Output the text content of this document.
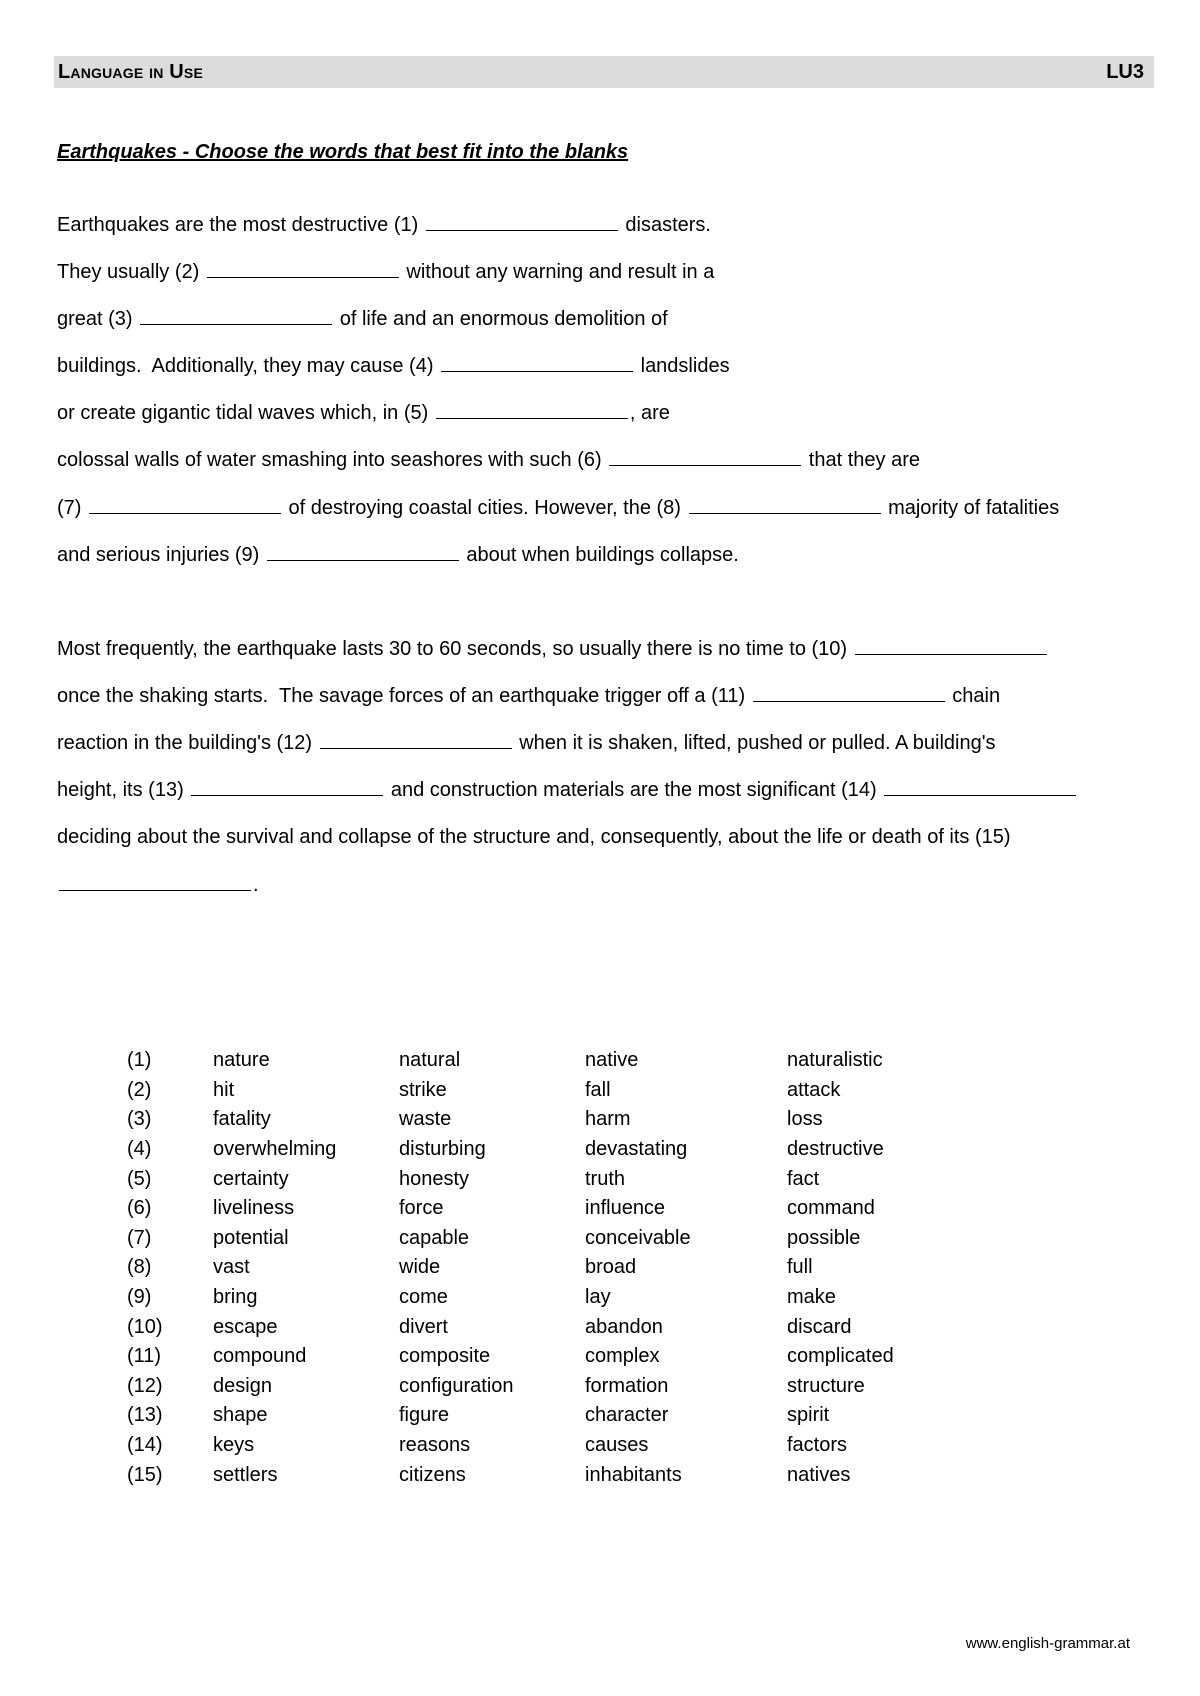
Language in Use	LU3
Earthquakes - Choose the words that best fit into the blanks
Earthquakes are the most destructive (1)	disasters.
They usually (2)	without any warning and result in a
great (3)	of life and an enormous demolition of
buildings.  Additionally, they may cause (4)	landslides
or create gigantic tidal waves which, in (5)	, are
colossal walls of water smashing into seashores with such (6)	that they are
(7)	of destroying coastal cities. However, the (8)	majority of fatalities
and serious injuries (9)	about when buildings collapse.
Most frequently, the earthquake lasts 30 to 60 seconds, so usually there is no time to (10)
once the shaking starts.  The savage forces of an earthquake trigger off a (11)	chain
reaction in the building's (12)	when it is shaken, lifted, pushed or pulled. A building's
height, its (13)	and construction materials are the most significant (14)
deciding about the survival and collapse of the structure and, consequently, about the life or death of its (15)
.
(1)	nature	natural	native	naturalistic
(2)	hit	strike	fall	attack
(3)	fatality	waste	harm	loss
(4)	overwhelming	disturbing	devastating	destructive
(5)	certainty	honesty	truth	fact
(6)	liveliness	force	influence	command
(7)	potential	capable	conceivable	possible
(8)	vast	wide	broad	full
(9)	bring	come	lay	make
(10)	escape	divert	abandon	discard
(11)	compound	composite	complex	complicated
(12)	design	configuration	formation	structure
(13)	shape	figure	character	spirit
(14)	keys	reasons	causes	factors
(15)	settlers	citizens	inhabitants	natives
www.english-grammar.at
